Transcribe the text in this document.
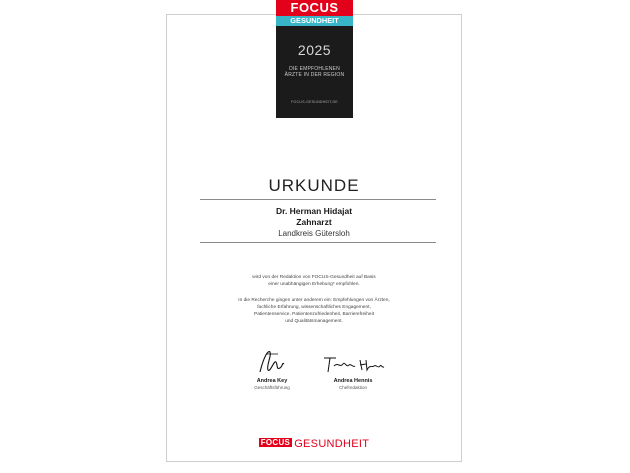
FOCUS
GESUNDHEIT
2025
DIE EMPFOHLENEN ÄRZTE IN DER REGION
FOCUS-GESUNDHEIT.DE
URKUNDE
Dr. Herman Hidajat
Zahnarzt
Landkreis Gütersloh
wird von der Redaktion von FOCUS-Gesundheit auf Basis
einer unabhängigen Erhebung* empfohlen.
In die Recherche gingen unter anderem ein: Empfehlungen von Ärzten,
fachliche Erfahrung, wissenschaftliches Engagement,
Patientenservice, Patientenzufriedenheit, Barrierefreiheit
und Qualitätsmanagement.
Andrea Key
Geschäftsführung
Andrea Hennis
Chefredaktion
FOCUS GESUNDHEIT
